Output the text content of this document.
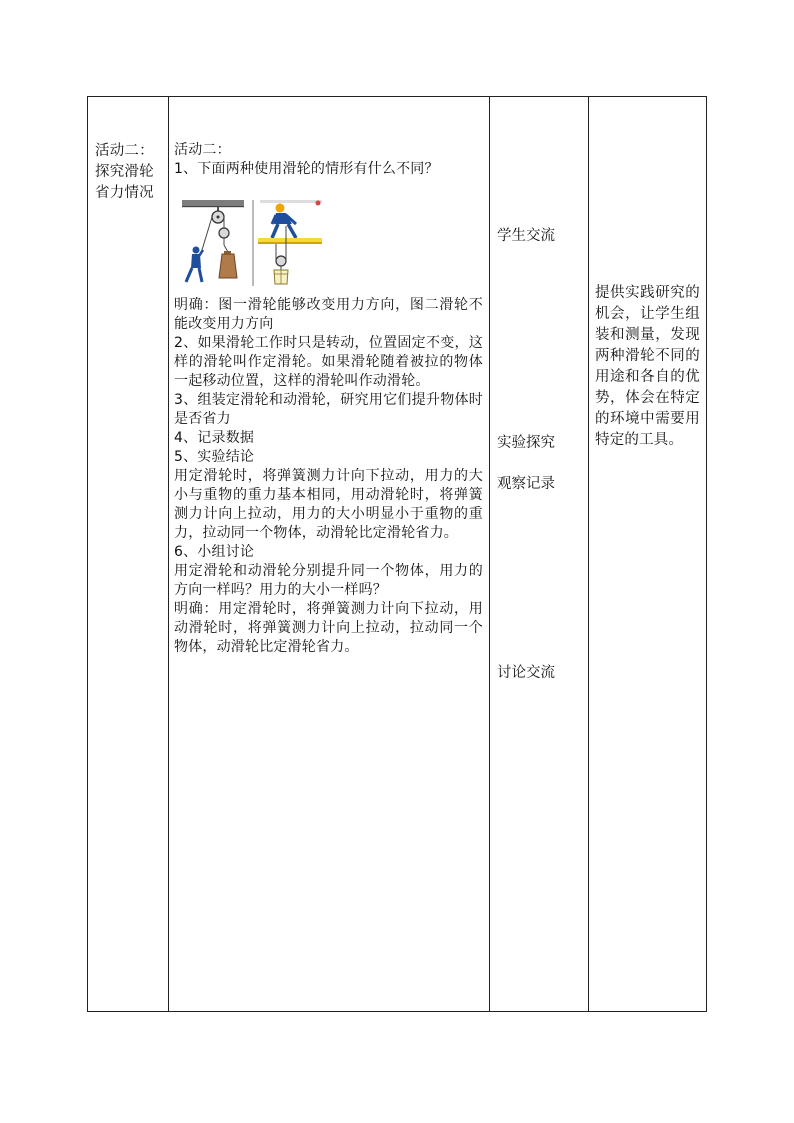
活动二：探究滑轮省力情况
活动二：
1、下面两种使用滑轮的情形有什么不同？
明确：图一滑轮能够改变用力方向，图二滑轮不能改变用力方向
2、如果滑轮工作时只是转动，位置固定不变，这样的滑轮叫作定滑轮。如果滑轮随着被拉的物体一起移动位置，这样的滑轮叫作动滑轮。
3、组装定滑轮和动滑轮，研究用它们提升物体时是否省力
4、记录数据
5、实验结论
用定滑轮时，将弹簧测力计向下拉动，用力的大小与重物的重力基本相同，用动滑轮时，将弹簧测力计向上拉动，用力的大小明显小于重物的重力，拉动同一个物体，动滑轮比定滑轮省力。
6、小组讨论
用定滑轮和动滑轮分别提升同一个物体，用力的方向一样吗？用力的大小一样吗？
明确：用定滑轮时，将弹簧测力计向下拉动，用动滑轮时，将弹簧测力计向上拉动，拉动同一个物体，动滑轮比定滑轮省力。
学生交流
实验探究
观察记录
讨论交流
提供实践研究的机会，让学生组装和测量，发现两种滑轮不同的用途和各自的优势，体会在特定的环境中需要用特定的工具。
